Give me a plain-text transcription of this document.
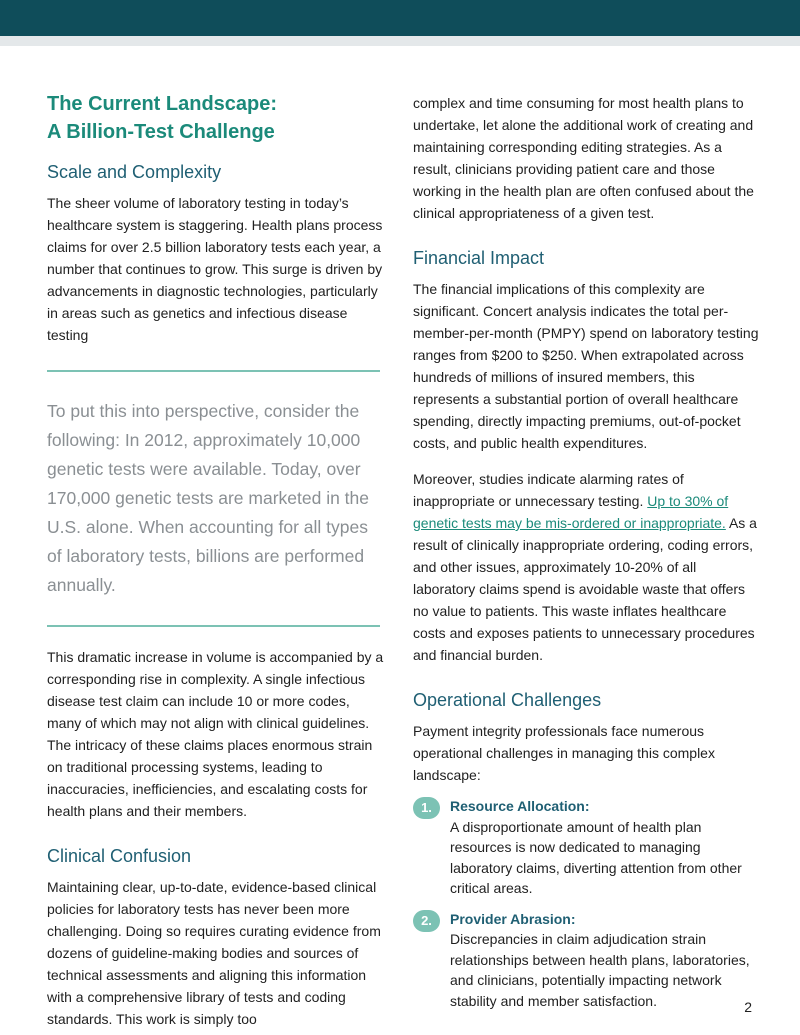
The Current Landscape:
A Billion-Test Challenge
Scale and Complexity

The sheer volume of laboratory testing in today’s healthcare system is staggering. Health plans process claims for over 2.5 billion laboratory tests each year, a number that continues to grow. This surge is driven by advancements in diagnostic technologies, particularly in areas such as genetics and infectious disease testing

To put this into perspective, consider the following: In 2012, approximately 10,000 genetic tests were available. Today, over 170,000 genetic tests are marketed in the U.S. alone. When accounting for all types of laboratory tests, billions are performed annually.

This dramatic increase in volume is accompanied by a corresponding rise in complexity. A single infectious disease test claim can include 10 or more codes, many of which may not align with clinical guidelines. The intricacy of these claims places enormous strain on traditional processing systems, leading to inaccuracies, inefficiencies, and escalating costs for health plans and their members.

Clinical Confusion

Maintaining clear, up-to-date, evidence-based clinical policies for laboratory tests has never been more challenging. Doing so requires curating evidence from dozens of guideline-making bodies and sources of technical assessments and aligning this information with a comprehensive library of tests and coding standards. This work is simply too

complex and time consuming for most health plans to undertake, let alone the additional work of creating and maintaining corresponding editing strategies. As a result, clinicians providing patient care and those working in the health plan are often confused about the clinical appropriateness of a given test.

Financial Impact

The financial implications of this complexity are significant. Concert analysis indicates the total per-member-per-month (PMPY) spend on laboratory testing ranges from $200 to $250. When extrapolated across hundreds of millions of insured members, this represents a substantial portion of overall healthcare spending, directly impacting premiums, out-of-pocket costs, and public health expenditures.

Moreover, studies indicate alarming rates of inappropriate or unnecessary testing. Up to 30% of genetic tests may be mis-ordered or inappropriate. As a result of clinically inappropriate ordering, coding errors, and other issues, approximately 10-20% of all laboratory claims spend is avoidable waste that offers no value to patients. This waste inflates healthcare costs and exposes patients to unnecessary procedures and financial burden.

Operational Challenges

Payment integrity professionals face numerous operational challenges in managing this complex landscape:

1.	Resource Allocation:
A disproportionate amount of health plan resources is now dedicated to managing laboratory claims, diverting attention from other critical areas.
2.	Provider Abrasion:
Discrepancies in claim adjudication strain relationships between health plans, laboratories, and clinicians, potentially impacting network stability and member satisfaction.	2
